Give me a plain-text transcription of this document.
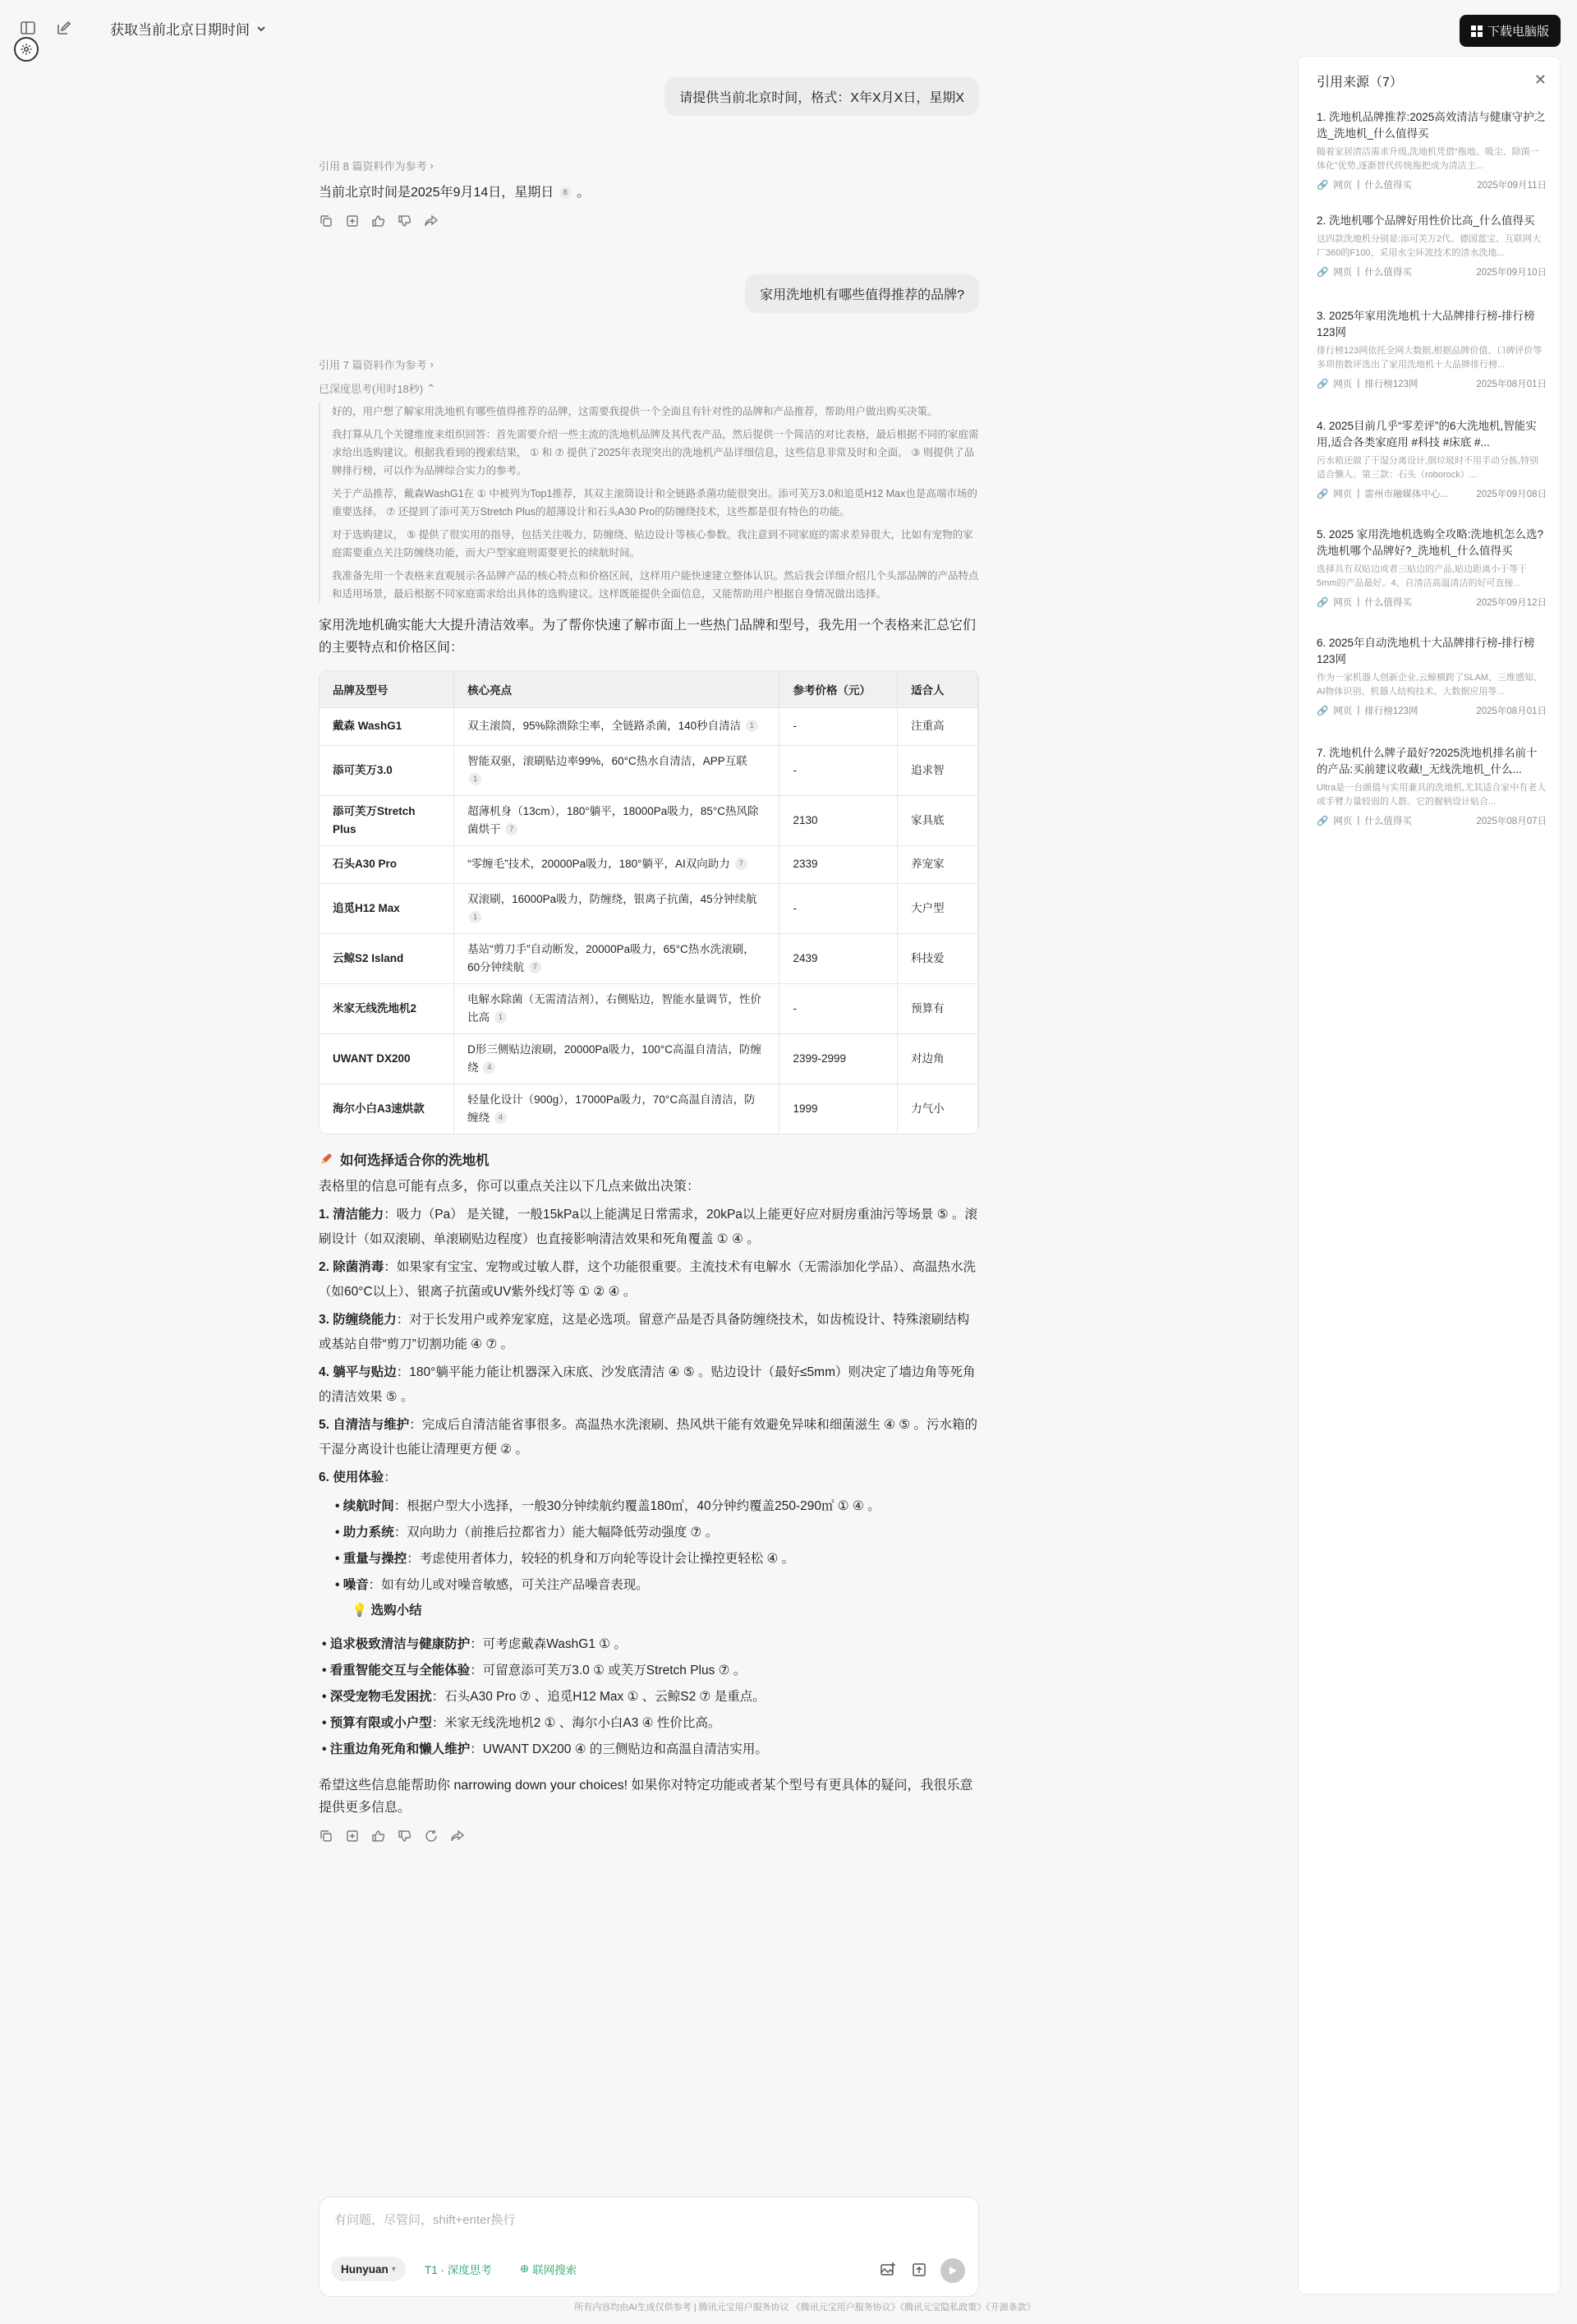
获取当前北京日期时间	下载电脑版
请提供当前北京时间，格式：X年X月X日，星期X
引用 8 篇资料作为参考 ›
当前北京时间是2025年9月14日，星期日 8 。
家用洗地机有哪些值得推荐的品牌?
引用 7 篇资料作为参考 ›
已深度思考(用时18秒) ⌃

好的，用户想了解家用洗地机有哪些值得推荐的品牌，这需要我提供一个全面且有针对性的品牌和产品推荐，帮助用户做出购买决策。

我打算从几个关键维度来组织回答：首先需要介绍一些主流的洗地机品牌及其代表产品，然后提供一个简洁的对比表格，最后根据不同的家庭需求给出选购建议。根据我看到的搜索结果， ① 和 ⑦ 提供了2025年表现突出的洗地机产品详细信息，这些信息非常及时和全面。 ③ 则提供了品牌排行榜，可以作为品牌综合实力的参考。

关于产品推荐，戴森WashG1在 ① 中被列为Top1推荐，其双主滚筒设计和全链路杀菌功能很突出。添可芙万3.0和追觅H12 Max也是高端市场的重要选择。 ⑦ 还提到了添可芙万Stretch Plus的超薄设计和石头A30 Pro的防缠绕技术，这些都是很有特色的功能。

对于选购建议， ⑤ 提供了很实用的指导，包括关注吸力、防缠绕、贴边设计等核心参数。我注意到不同家庭的需求差异很大，比如有宠物的家庭需要重点关注防缠绕功能，而大户型家庭则需要更长的续航时间。

我准备先用一个表格来直观展示各品牌产品的核心特点和价格区间，这样用户能快速建立整体认识。然后我会详细介绍几个头部品牌的产品特点和适用场景，最后根据不同家庭需求给出具体的选购建议。这样既能提供全面信息，又能帮助用户根据自身情况做出选择。

家用洗地机确实能大大提升清洁效率。为了帮你快速了解市面上一些热门品牌和型号，我先用一个表格来汇总它们的主要特点和价格区间：
品牌及型号	核心亮点	参考价格（元）	适合人
戴森 WashG1	双主滚筒，95%除溃除尘率，全链路杀菌，140秒自清洁 1	-	注重高
添可芙万3.0	智能双驱，滚刷贴边率99%，60°C热水自清洁，APP互联 1	-	追求智
添可芙万Stretch Plus	超薄机身（13cm），180°躺平，18000Pa吸力，85°C热风除菌烘干 7	2130	家具底
石头A30 Pro	“零缠毛”技术，20000Pa吸力，180°躺平，AI双向助力 7	2339	养宠家
追觅H12 Max	双滚刷，16000Pa吸力，防缠绕，银离子抗菌，45分钟续航 1	-	大户型
云鲸S2 Island	基站“剪刀手”自动断发，20000Pa吸力，65°C热水洗滚刷，60分钟续航 7	2439	科技爱
米家无线洗地机2	电解水除菌（无需清洁剂），右侧贴边，智能水量调节，性价比高 1	-	预算有
UWANT DX200	D形三侧贴边滚刷，20000Pa吸力，100°C高温自清洁，防缠绕 4	2399-2999	对边角
海尔小白A3速烘款	轻量化设计（900g），17000Pa吸力，70°C高温自清洁，防缠绕 4	1999	力气小
如何选择适合你的洗地机
表格里的信息可能有点多，你可以重点关注以下几点来做出决策：
1. 清洁能力：吸力（Pa） 是关键，一般15kPa以上能满足日常需求，20kPa以上能更好应对厨房重油污等场景 ⑤ 。滚刷设计（如双滚刷、单滚刷贴边程度）也直接影响清洁效果和死角覆盖 ① ④ 。
2. 除菌消毒：如果家有宝宝、宠物或过敏人群，这个功能很重要。主流技术有电解水（无需添加化学品）、高温热水洗（如60°C以上）、银离子抗菌或UV紫外线灯等 ① ② ④ 。
3. 防缠绕能力：对于长发用户或养宠家庭，这是必选项。留意产品是否具备防缠绕技术，如齿梳设计、特殊滚刷结构或基站自带“剪刀”切割功能 ④ ⑦ 。
4. 躺平与贴边：180°躺平能力能让机器深入床底、沙发底清洁 ④ ⑤ 。贴边设计（最好≤5mm）则决定了墙边角等死角的清洁效果 ⑤ 。
5. 自清洁与维护：完成后自清洁能省事很多。高温热水洗滚刷、热风烘干能有效避免异味和细菌滋生 ④ ⑤ 。污水箱的干湿分离设计也能让清理更方便 ② 。
6. 使用体验：
• 续航时间：根据户型大小选择，一般30分钟续航约覆盖180㎡，40分钟约覆盖250-290㎡ ① ④ 。
• 助力系统：双向助力（前推后拉都省力）能大幅降低劳动强度 ⑦ 。
• 重量与操控：考虑使用者体力，较轻的机身和万向轮等设计会让操控更轻松 ④ 。
• 噪音：如有幼儿或对噪音敏感，可关注产品噪音表现。
💡 选购小结
• 追求极致清洁与健康防护：可考虑戴森WashG1 ① 。
• 看重智能交互与全能体验：可留意添可芙万3.0 ① 或芙万Stretch Plus ⑦ 。
• 深受宠物毛发困扰：石头A30 Pro ⑦ 、追觅H12 Max ① 、云鲸S2 ⑦ 是重点。
• 预算有限或小户型：米家无线洗地机2 ① 、海尔小白A3 ④ 性价比高。
• 注重边角死角和懒人维护：UWANT DX200 ④ 的三侧贴边和高温自清洁实用。
希望这些信息能帮助你 narrowing down your choices! 如果你对特定功能或者某个型号有更具体的疑问，我很乐意提供更多信息。
有问题，尽管问，shift+enter换行
Hunyuan ▾	T1 · 深度思考	⊕ 联网搜索
所有内容均由AI生成仅供参考 | 腾讯元宝用户服务协议 《腾讯元宝用户服务协议》《腾讯元宝隐私政策》《开源条款》
引用来源（7）	✕
1. 洗地机品牌推荐:2025高效清洁与健康守护之选_洗地机_什么值得买
随着家居清洁需求升级,洗地机凭借“拖地、吸尘、除菌一体化”优势,逐渐替代传统拖把成为清洁主...
🔗 网页 | 什么值得买	2025年09月11日
2. 洗地机哪个品牌好用性价比高_什么值得买
这四款洗地机分别是:添可芙万2代、德国蓝宝、互联网大厂360的F100、采用水尘环流技术的清水洗地...
🔗 网页 | 什么值得买	2025年09月10日
3. 2025年家用洗地机十大品牌排行榜-排行榜123网
排行榜123网依托全网大数据,根据品牌价值、口碑评价等多项指数评选出了家用洗地机十大品牌排行榜...
🔗 网页 | 排行榜123网	2025年08月01日
4. 2025目前几乎“零差评”的6大洗地机,智能实用,适合各类家庭用 #科技 #床底 #...
污水箱还做了干湿分离设计,倒垃圾时不用手动分拣,特别适合懒人。第三款：石头（roborock）...
🔗 网页 | 雷州市融媒体中心...	2025年09月08日
5. 2025 家用洗地机选购全攻略:洗地机怎么选?洗地机哪个品牌好?_洗地机_什么值得买
选择具有双贴边或者三贴边的产品,贴边距离小于等于5mm的产品最好。4、自清洁高温清洁的好可直接...
🔗 网页 | 什么值得买	2025年09月12日
6. 2025年自动洗地机十大品牌排行榜-排行榜123网
作为一家机器人创新企业,云鲸横跨了SLAM、三维感知、AI物体识别、机器人结构技术、大数据应用等...
🔗 网页 | 排行榜123网	2025年08月01日
7. 洗地机什么牌子最好?2025洗地机排名前十的产品:买前建议收藏!_无线洗地机_什么...
Ultra是一台颜值与实用兼具的洗地机,尤其适合家中有老人或手臂力量较弱的人群。它的握柄设计贴合...
🔗 网页 | 什么值得买	2025年08月07日
